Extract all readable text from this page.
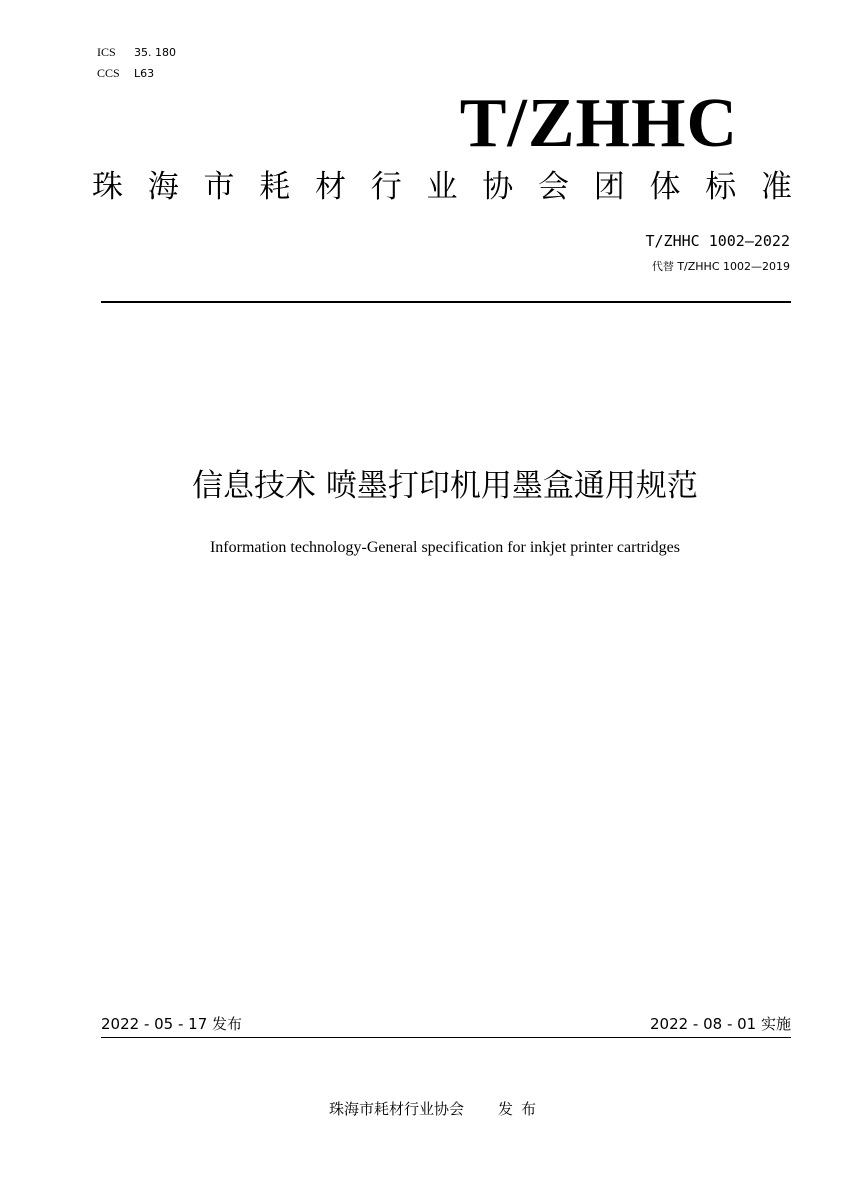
ICS 35. 180
CCS L63
T/ZHHC
珠 海 市 耗 材 行 业 协 会 团 体 标 准
T/ZHHC 1002—2022
代替 T/ZHHC 1002—2019
信息技术 喷墨打印机用墨盒通用规范
Information technology-General specification for inkjet printer cartridges
2022 - 05 - 17 发布	2022 - 08 - 01 实施
珠海市耗材行业协会 发布
